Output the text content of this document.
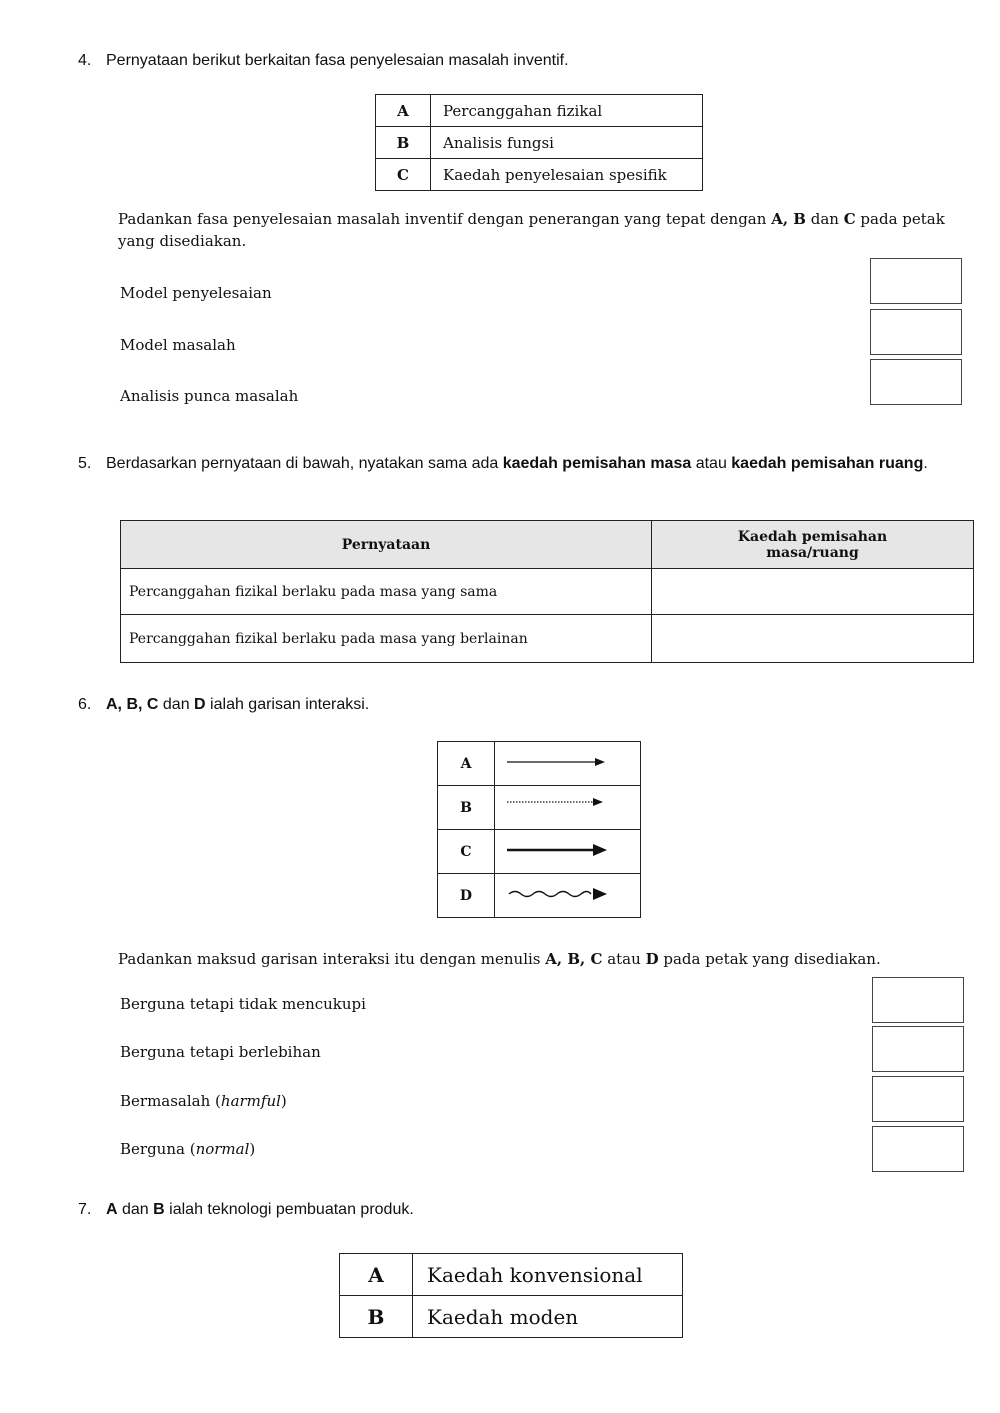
4. Pernyataan berikut berkaitan fasa penyelesaian masalah inventif.
A	Percanggahan fizikal
B	Analisis fungsi
C	Kaedah penyelesaian spesifik
Padankan fasa penyelesaian masalah inventif dengan penerangan yang tepat dengan A, B dan C pada petak yang disediakan.
Model penyelesaian
Model masalah
Analisis punca masalah
5. Berdasarkan pernyataan di bawah, nyatakan sama ada kaedah pemisahan masa atau kaedah pemisahan ruang.
Pernyataan	Kaedah pemisahan
masa/ruang

Percanggahan fizikal berlaku pada masa yang sama	
Percanggahan fizikal berlaku pada masa yang berlainan	
6. A, B, C dan D ialah garisan interaksi.
A	
B	
C	
D	
Padankan maksud garisan interaksi itu dengan menulis A, B, C atau D pada petak yang disediakan.
Berguna tetapi tidak mencukupi
Berguna tetapi berlebihan
Bermasalah (harmful)
Berguna (normal)
7. A dan B ialah teknologi pembuatan produk.
A	Kaedah konvensional
B	Kaedah moden
